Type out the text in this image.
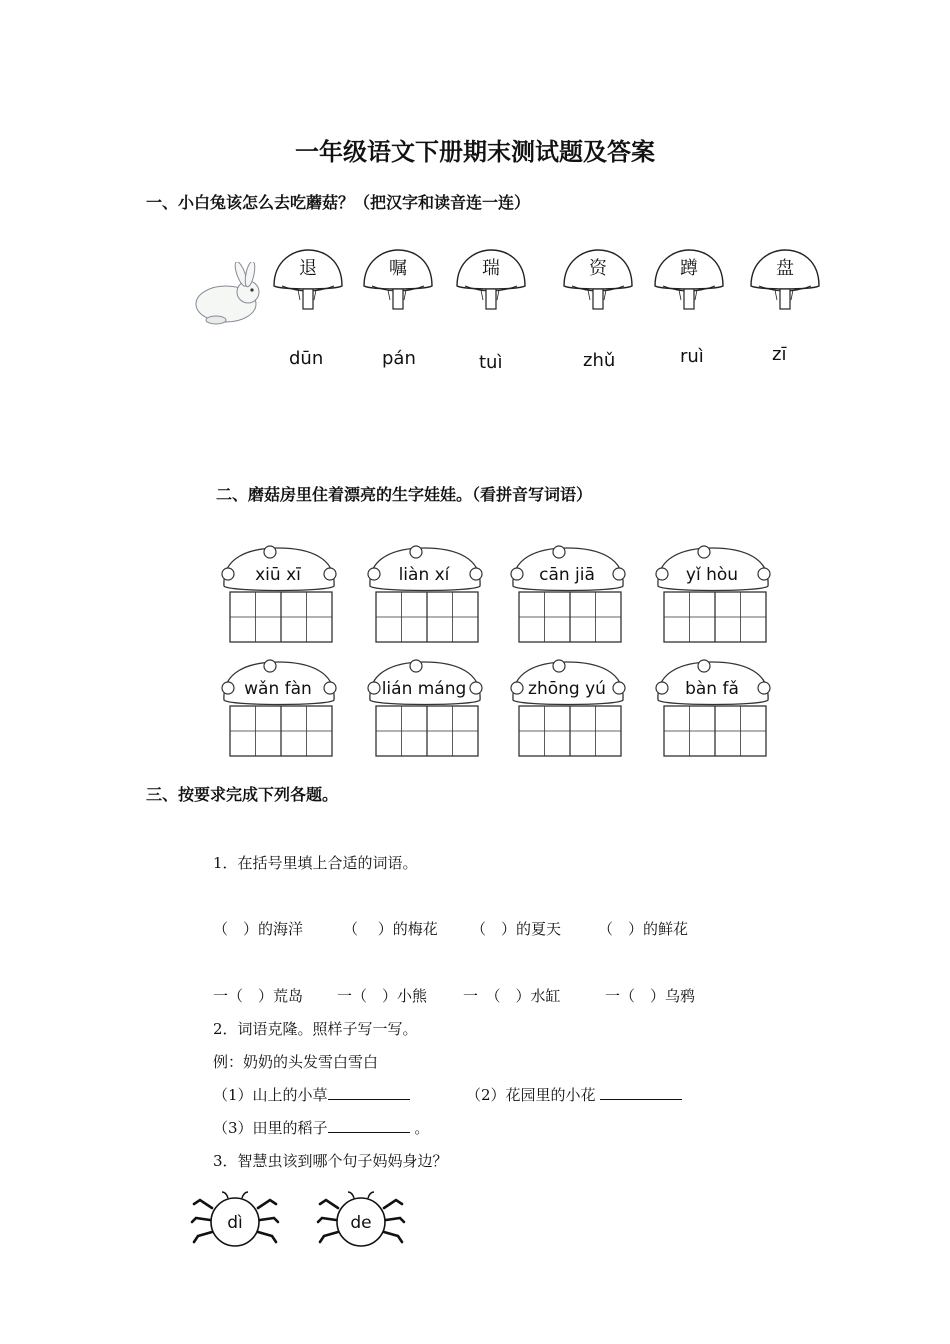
一年级语文下册期末测试题及答案
一、小白兔该怎么去吃蘑菇？（把汉字和读音连一连）
退	嘱	瑞	资	蹲	盘
dūn	pán	tuì	zhǔ	ruì	zī
二、磨菇房里住着漂亮的生字娃娃。（看拼音写词语）
xiū xī	liàn xí	cān jiā	yǐ hòu
wǎn fàn	lián máng	zhōng yú	bàn fǎ
三、按要求完成下列各题。
1．在括号里填上合适的词语。
（　）的海洋	（　 ）的梅花 （　）的夏天 （　）的鲜花
一（　）荒岛 一（　）小熊 一　（　）水缸	一（　）乌鸦
2．词语克隆。照样子写一写。
例：奶奶的头发雪白雪白
（1）山上的小草	（2）花园里的小花
（3）田里的稻子	。
3．智慧虫该到哪个句子妈妈身边？
dì	de
